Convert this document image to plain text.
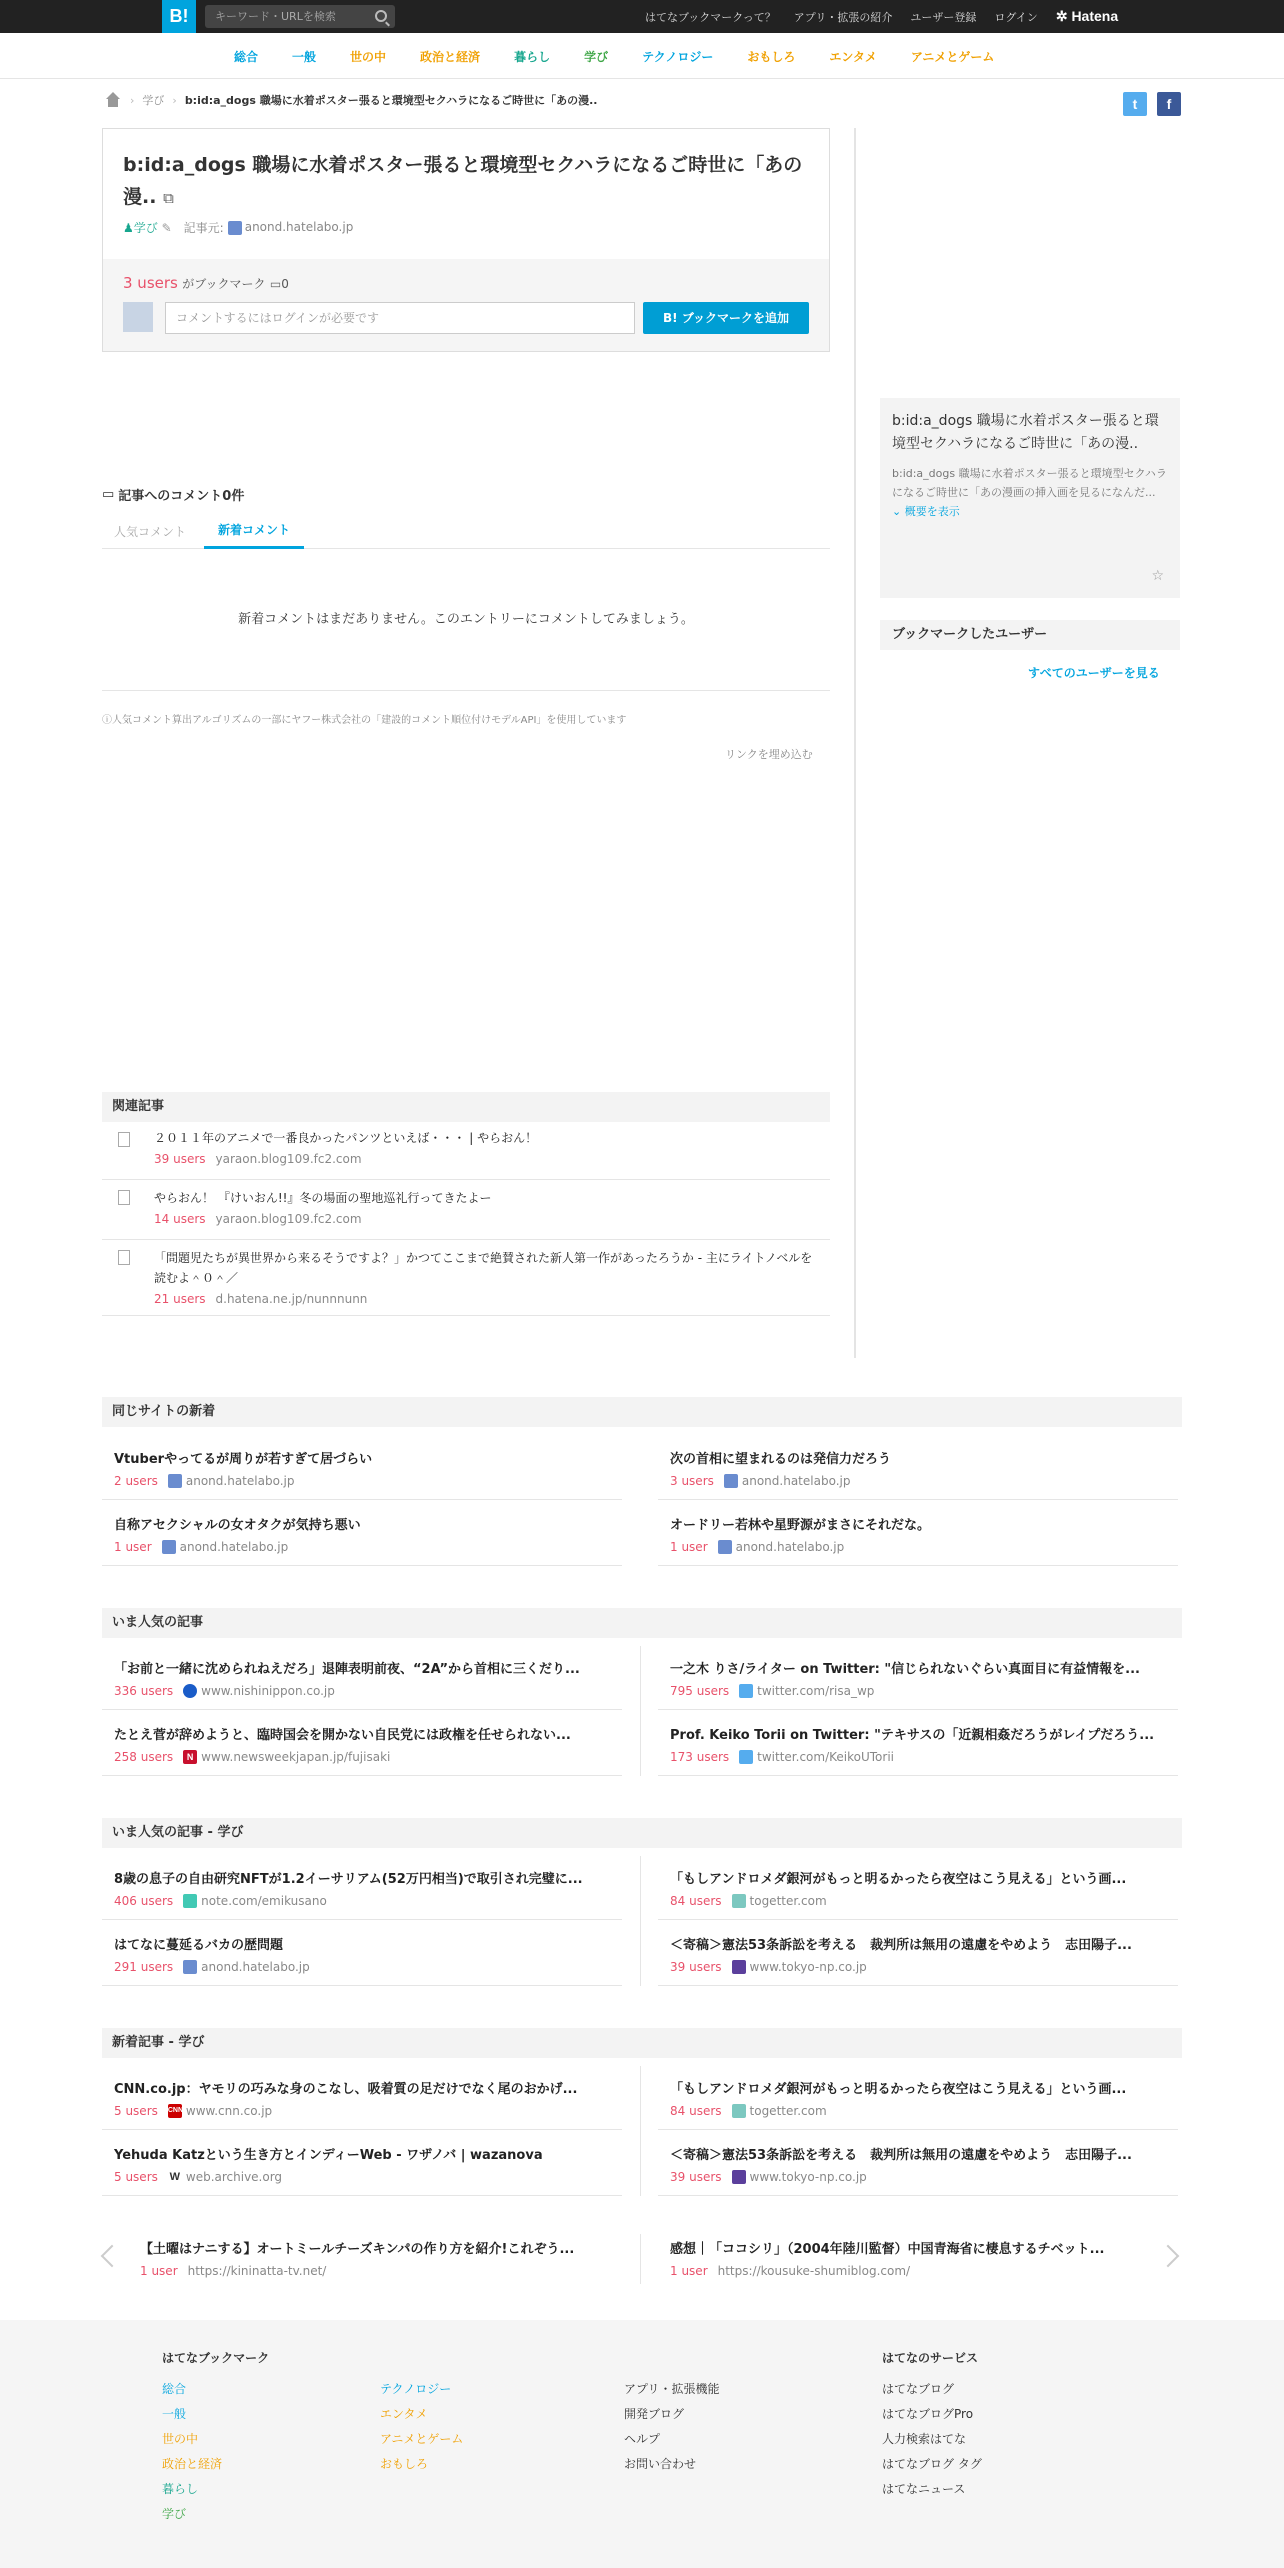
B!	キーワード・URLを検索	はてなブックマークって？ アプリ・拡張の紹介 ユーザー登録 ログイン ✲ Hatena
総合	一般	世の中	政治と経済	暮らし	学び	テクノロジー	おもしろ	エンタメ	アニメとゲーム
› 学び › b:id:a_dogs 職場に水着ポスター張ると環境型セクハラになるご時世に「あの漫..	t	f
b:id:a_dogs 職場に水着ポスター張ると環境型セクハラになるご時世に「あの漫.. ⧉
♟学び ✎ 記事元:	anond.hatelabo.jp
3 users がブックマーク ▭0
コメントするにはログインが必要です	B! ブックマークを追加
b:id:a_dogs 職場に水着ポスター張ると環境型セクハラになるご時世に「あの漫..
b:id:a_dogs 職場に水着ポスター張ると環境型セクハラになるご時世に「あの漫画の挿入画を見るになんだ... ⌄ 概要を表示
☆
ブックマークしたユーザー
すべてのユーザーを見る
▭ 記事へのコメント0件
人気コメント	新着コメント
新着コメントはまだありません。このエントリーにコメントしてみましょう。
ⓘ人気コメント算出アルゴリズムの一部にヤフー株式会社の「建設的コメント順位付けモデルAPI」を使用しています
リンクを埋め込む
関連記事
２０１１年のアニメで一番良かったパンツといえば・・・ | やらおん！
39 users yaraon.blog109.fc2.com
やらおん！ 『けいおん!!』冬の場面の聖地巡礼行ってきたよー
14 users yaraon.blog109.fc2.com
「問題児たちが異世界から来るそうですよ？」かつてここまで絶賛された新人第一作があったろうか - 主にライトノベルを読むよ＾０＾／
21 users d.hatena.ne.jp/nunnnunn
同じサイトの新着
Vtuberやってるが周りが若すぎて居づらい
2 users anond.hatelabo.jp
次の首相に望まれるのは発信力だろう
3 users anond.hatelabo.jp
自称アセクシャルの女オタクが気持ち悪い
1 user anond.hatelabo.jp
オードリー若林や星野源がまさにそれだな。
1 user anond.hatelabo.jp
いま人気の記事
「お前と一緒に沈められねえだろ」退陣表明前夜、“2A”から首相に三くだり...
336 users www.nishinippon.co.jp
一之木 りさ/ライター on Twitter: "信じられないぐらい真面目に有益情報を...
795 users twitter.com/risa_wp
たとえ菅が辞めようと、臨時国会を開かない自民党には政権を任せられない...
258 users	N www.newsweekjapan.jp/fujisaki
Prof. Keiko Torii on Twitter: "テキサスの「近親相姦だろうがレイプだろう...
173 users twitter.com/KeikoUTorii
いま人気の記事 - 学び
8歳の息子の自由研究NFTが1.2イーサリアム(52万円相当)で取引され完璧に...
406 users note.com/emikusano
「もしアンドロメダ銀河がもっと明るかったら夜空はこう見える」という画...
84 users togetter.com
はてなに蔓延るバカの歴問題
291 users anond.hatelabo.jp
＜寄稿＞憲法53条訴訟を考える　裁判所は無用の遠慮をやめよう　志田陽子...
39 users www.tokyo-np.co.jp
新着記事 - 学び
CNN.co.jp：ヤモリの巧みな身のこなし、吸着質の足だけでなく尾のおかげ...
5 users CNN www.cnn.co.jp
「もしアンドロメダ銀河がもっと明るかったら夜空はこう見える」という画...
84 users togetter.com
Yehuda Katzという生き方とインディーWeb - ワザノバ | wazanova
5 users W web.archive.org
＜寄稿＞憲法53条訴訟を考える　裁判所は無用の遠慮をやめよう　志田陽子...
39 users www.tokyo-np.co.jp
【土曜はナニする】オートミールチーズキンパの作り方を紹介!これぞう...
1 user https://kininatta-tv.net/
感想｜「ココシリ」（2004年陸川監督）中国青海省に棲息するチベット...
1 user https://kousuke-shumiblog.com/
はてなブックマーク
総合
一般
世の中
政治と経済
暮らし
学び
テクノロジー
エンタメ
アニメとゲーム
おもしろ
アプリ・拡張機能
開発ブログ
ヘルプ
お問い合わせ
はてなのサービス
はてなブログ
はてなブログPro
人力検索はてな
はてなブログ タグ
はてなニュース
